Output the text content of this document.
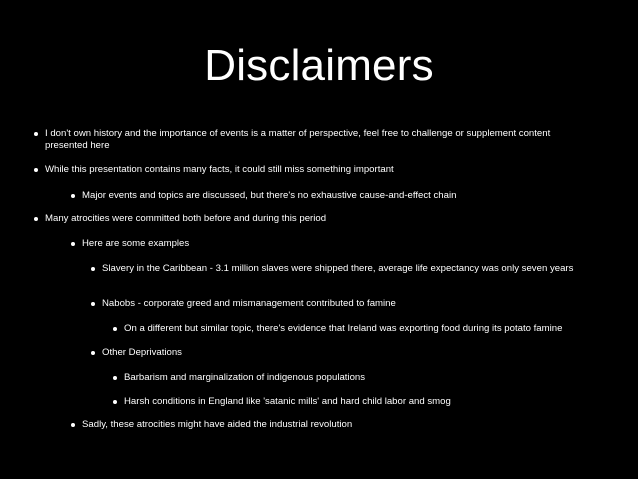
Disclaimers
I don't own history and the importance of events is a matter of perspective, feel free to challenge or supplement content presented here
While this presentation contains many facts, it could still miss something important
Major events and topics are discussed, but there's no exhaustive cause-and-effect chain
Many atrocities were committed both before and during this period
Here are some examples
Slavery in the Caribbean - 3.1 million slaves were shipped there, average life expectancy was only seven years
Nabobs - corporate greed and mismanagement contributed to famine
On a different but similar topic, there's evidence that Ireland was exporting food during its potato famine
Other Deprivations
Barbarism and marginalization of indigenous populations
Harsh conditions in England like 'satanic mills' and hard child labor and smog
Sadly, these atrocities might have aided the industrial revolution
